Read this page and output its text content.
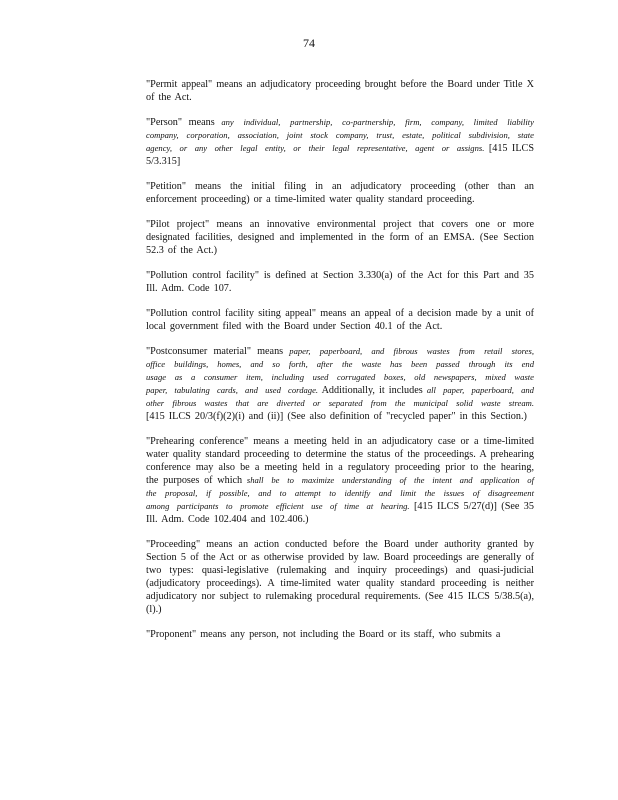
74

"Permit appeal" means an adjudicatory proceeding brought before the Board under Title X of the Act.

"Person" means any individual, partnership, co-partnership, firm, company, limited liability company, corporation, association, joint stock company, trust, estate, political subdivision, state agency, or any other legal entity, or their legal representative, agent or assigns. [415 ILCS 5/3.315]

"Petition" means the initial filing in an adjudicatory proceeding (other than an enforcement proceeding) or a time-limited water quality standard proceeding.

"Pilot project" means an innovative environmental project that covers one or more designated facilities, designed and implemented in the form of an EMSA. (See Section 52.3 of the Act.)

"Pollution control facility" is defined at Section 3.330(a) of the Act for this Part and 35 Ill. Adm. Code 107.

"Pollution control facility siting appeal" means an appeal of a decision made by a unit of local government filed with the Board under Section 40.1 of the Act.

"Postconsumer material" means paper, paperboard, and fibrous wastes from retail stores, office buildings, homes, and so forth, after the waste has been passed through its end usage as a consumer item, including used corrugated boxes, old newspapers, mixed waste paper, tabulating cards, and used cordage. Additionally, it includes all paper, paperboard, and other fibrous wastes that are diverted or separated from the municipal solid waste stream. [415 ILCS 20/3(f)(2)(i) and (ii)] (See also definition of "recycled paper" in this Section.)

"Prehearing conference" means a meeting held in an adjudicatory case or a time-limited water quality standard proceeding to determine the status of the proceedings. A prehearing conference may also be a meeting held in a regulatory proceeding prior to the hearing, the purposes of which shall be to maximize understanding of the intent and application of the proposal, if possible, and to attempt to identify and limit the issues of disagreement among participants to promote efficient use of time at hearing. [415 ILCS 5/27(d)] (See 35 Ill. Adm. Code 102.404 and 102.406.)

"Proceeding" means an action conducted before the Board under authority granted by Section 5 of the Act or as otherwise provided by law. Board proceedings are generally of two types: quasi-legislative (rulemaking and inquiry proceedings) and quasi-judicial (adjudicatory proceedings). A time-limited water quality standard proceeding is neither adjudicatory nor subject to rulemaking procedural requirements. (See 415 ILCS 5/38.5(a), (l).)

"Proponent" means any person, not including the Board or its staff, who submits a
